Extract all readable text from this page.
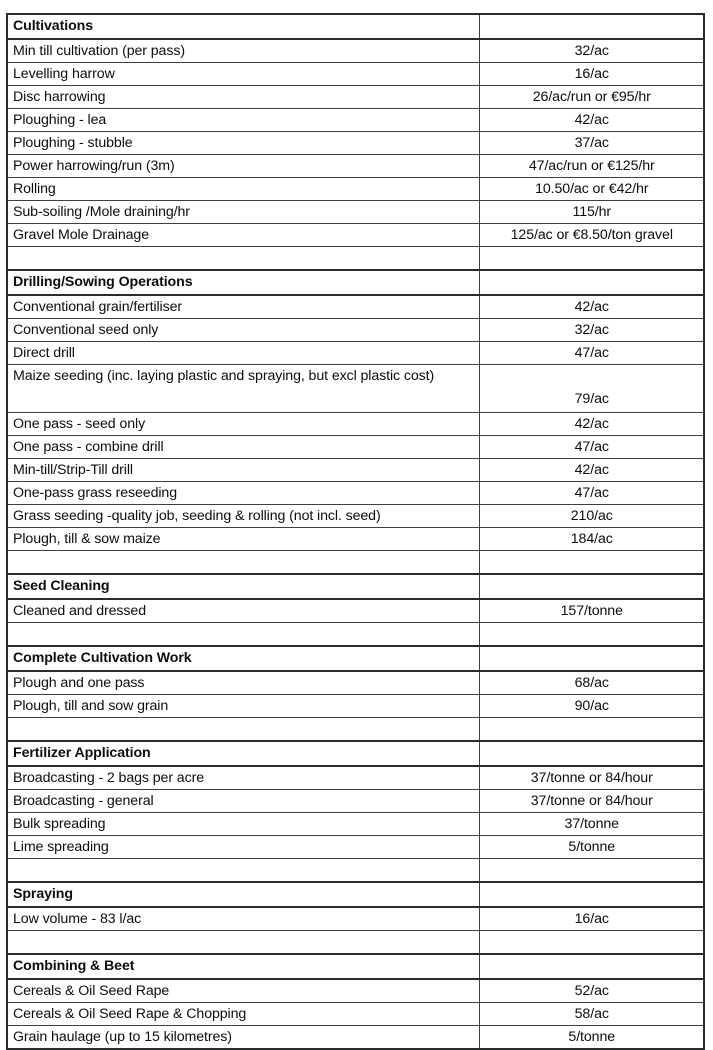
Cultivations	
Min till cultivation (per pass)	32/ac
Levelling harrow	16/ac
Disc harrowing	26/ac/run or €95/hr
Ploughing - lea	42/ac
Ploughing - stubble	37/ac
Power harrowing/run (3m)	47/ac/run or €125/hr
Rolling	10.50/ac or €42/hr
Sub-soiling /Mole draining/hr	115/hr
Gravel Mole Drainage	125/ac or €8.50/ton gravel

Drilling/Sowing Operations	
Conventional grain/fertiliser	42/ac
Conventional seed only	32/ac
Direct drill	47/ac
Maize seeding (inc. laying plastic and spraying, but excl plastic cost)	79/ac
One pass - seed only	42/ac
One pass - combine drill	47/ac
Min-till/Strip-Till drill	42/ac
One-pass grass reseeding	47/ac
Grass seeding -quality job, seeding & rolling (not incl. seed)	210/ac
Plough, till & sow maize	184/ac

Seed Cleaning	
Cleaned and dressed	157/tonne

Complete Cultivation Work	
Plough and one pass	68/ac
Plough, till and sow grain	90/ac

Fertilizer Application	
Broadcasting - 2 bags per acre	37/tonne or 84/hour
Broadcasting - general	37/tonne or 84/hour
Bulk spreading	37/tonne
Lime spreading	5/tonne

Spraying	
Low volume - 83 l/ac	16/ac

Combining & Beet	
Cereals & Oil Seed Rape	52/ac
Cereals & Oil Seed Rape & Chopping	58/ac
Grain haulage (up to 15 kilometres)	5/tonne
